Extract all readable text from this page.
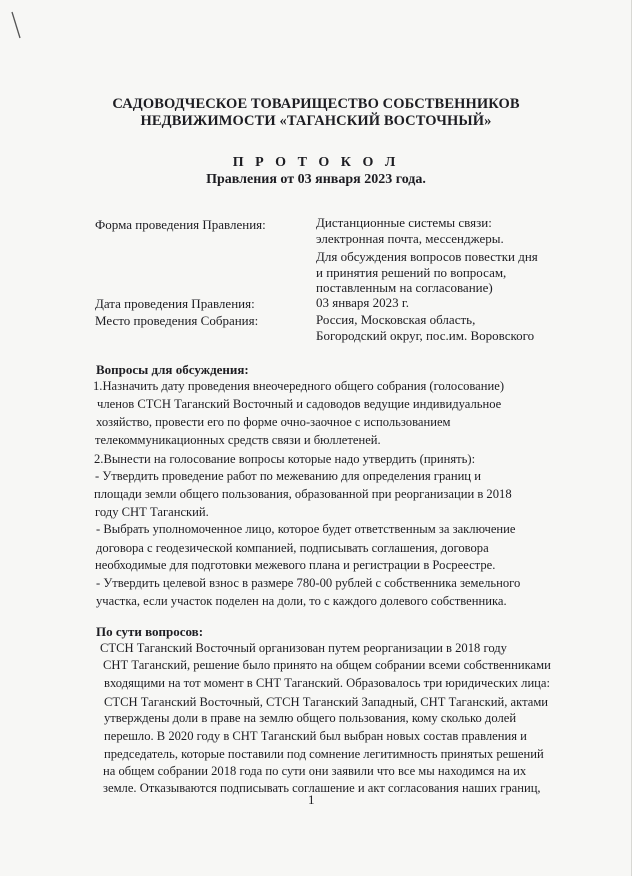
САДОВОДЧЕСКОЕ ТОВАРИЩЕСТВО СОБСТВЕННИКОВ
НЕДВИЖИМОСТИ «ТАГАНСКИЙ ВОСТОЧНЫЙ»
П Р О Т О К О Л
Правления от 03 января 2023 года.
Форма проведения Правления:	Дистанционные системы связи:
электронная почта, мессенджеры.
Для обсуждения вопросов повестки дня
и принятия решений по вопросам,
поставленным на согласование)
Дата проведения Правления:	03 января 2023 г.
Место проведения Собрания:	Россия, Московская область,
Богородский округ, пос.им. Воровского
Вопросы для обсуждения:
1.Назначить дату проведения внеочередного общего собрания (голосование)
членов СТСН Таганский Восточный и садоводов ведущие индивидуальное
хозяйство, провести его по форме очно-заочное с использованием
телекоммуникационных средств связи и бюллетеней.
2.Вынести на голосование вопросы которые надо утвердить (принять):
- Утвердить проведение работ по межеванию для определения границ и
площади земли общего пользования, образованной при реорганизации в 2018
году СНТ Таганский.
- Выбрать уполномоченное лицо, которое будет ответственным за заключение
договора с геодезической компанией, подписывать соглашения, договора
необходимые для подготовки межевого плана и регистрации в Росреестре.
- Утвердить целевой взнос в размере 780-00 рублей с собственника земельного
участка, если участок поделен на доли, то с каждого долевого собственника.
По сути вопросов:
СТСН Таганский Восточный организован путем реорганизации в 2018 году
СНТ Таганский, решение было принято на общем собрании всеми собственниками
входящими на тот момент в СНТ Таганский. Образовалось три юридических лица:
СТСН Таганский Восточный, СТСН Таганский Западный, СНТ Таганский, актами
утверждены доли в праве на землю общего пользования, кому сколько долей
перешло. В 2020 году в СНТ Таганский был выбран новых состав правления и
председатель, которые поставили под сомнение легитимность принятых решений
на общем собрании 2018 года по сути они заявили что все мы находимся на их
земле. Отказываются подписывать соглашение и акт согласования наших границ,
1
